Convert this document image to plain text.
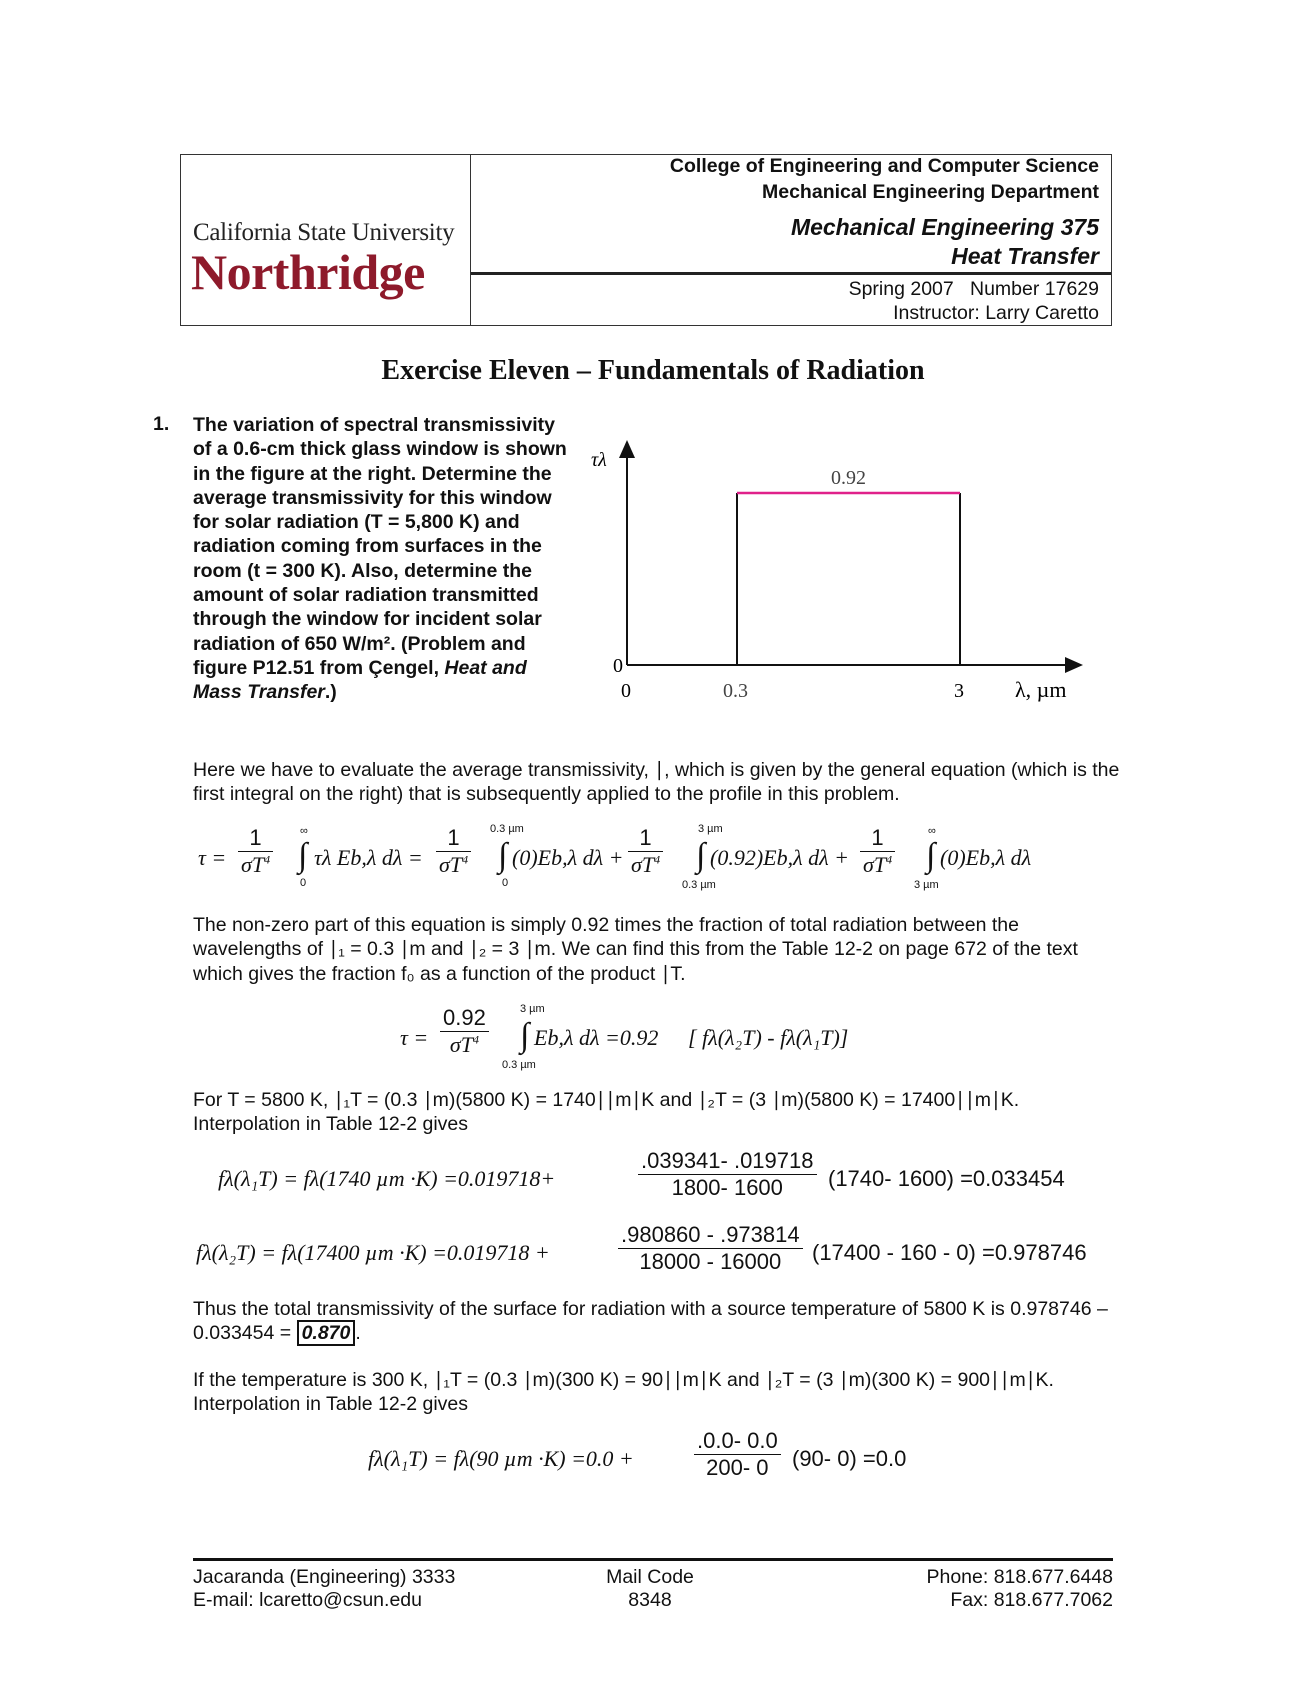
California State University
Northridge
College of Engineering and Computer Science
Mechanical Engineering Department
Mechanical Engineering 375
Heat Transfer
Spring 2007   Number 17629
Instructor: Larry Caretto
Exercise Eleven – Fundamentals of Radiation
1. The variation of spectral transmissivity of a 0.6-cm thick glass window is shown in the figure at the right. Determine the average transmissivity for this window for solar radiation (T = 5,800 K) and radiation coming from surfaces in the room (t = 300 K). Also, determine the amount of solar radiation transmitted through the window for incident solar radiation of 650 W/m². (Problem and figure P12.51 from Çengel, Heat and Mass Transfer.)
τλ
λ, µm
0
0	0.3	3
0.92
Here we have to evaluate the average transmissivity, ∣, which is given by the general equation (which is the first integral on the right) that is subsequently applied to the profile in this problem.
$\tau = \frac{1}{\sigma T^4}$ ∞
∫
0
τλ Eb,λ $d\lambda = \frac{1}{\sigma T^4} 0.3$ µm
∫
0
(0)Eb,λ $d\lambda + \frac{1}{\sigma T^4}$	3 µm
∫
0.3 µm
(0.92)Eb,λ $d\lambda + \frac{1}{\sigma T^4}$	∞
∫
3 µm
(0)Eb,λ dλ
The non-zero part of this equation is simply 0.92 times the fraction of total radiation between the wavelengths of ∣₁ = 0.3 ∣m and ∣₂ = 3 ∣m. We can find this from the Table 12-2 on page 672 of the text which gives the fraction f₀ as a function of the product ∣T.
$\tau = \frac{0.92}{\sigma T^4}$	3 µm
∫
0.3 µm
Eb,λ dλ =0.92 [ fλ(λ₂T) - fλ(λ₁T)]
For T = 5800 K, ∣₁T = (0.3 ∣m)(5800 K) = 1740∣∣m∣K and ∣₂T = (3 ∣m)(5800 K) = 17400∣∣m∣K. Interpolation in Table 12-2 gives
fλ(λ₁T) = fλ(1740 µm ·K) =0.019718+	$\frac{.039341- .019718}{1800- 1600} (1740-$ 1600) =0.033454
fλ(λ₂T) = fλ(17400 µm ·K) =0.019718 +	$\frac{.980860 - .973814}{18000 - 16000} (17400 - 160 - 0) =0.978746$
Thus the total transmissivity of the surface for radiation with a source temperature of 5800 K is 0.978746 – 0.033454 = 0.870 .
If the temperature is 300 K, ∣₁T = (0.3 ∣m)(300 K) = 90∣∣m∣K and ∣₂T = (3 ∣m)(300 K) = 900∣∣m∣K. Interpolation in Table 12-2 gives
fλ(λ₁T) = fλ(90 µm ·K) =0.0 +	$\frac{.0.0- 0.0}{200- 0} (90-$ 0) =0.0
Jacaranda (Engineering) 3333
E-mail: lcaretto@csun.edu
Mail Code
8348
Phone: 818.677.6448
Fax: 818.677.7062
